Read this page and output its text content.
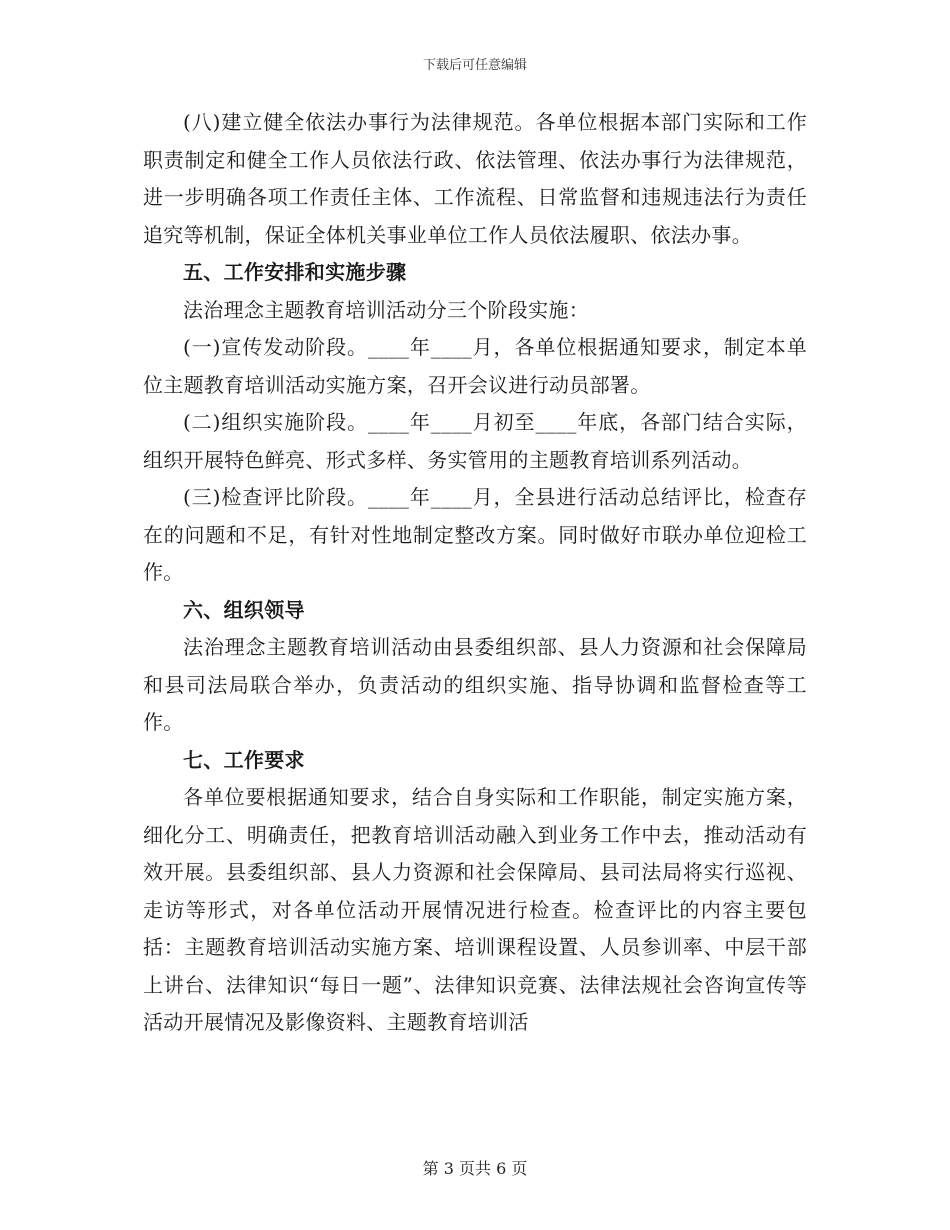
下载后可任意编辑

(八)建立健全依法办事行为法律规范。各单位根据本部门实际和工作职责制定和健全工作人员依法行政、依法管理、依法办事行为法律规范，进一步明确各项工作责任主体、工作流程、日常监督和违规违法行为责任追究等机制，保证全体机关事业单位工作人员依法履职、依法办事。

五、工作安排和实施步骤

法治理念主题教育培训活动分三个阶段实施：

(一)宣传发动阶段。____年____月，各单位根据通知要求，制定本单位主题教育培训活动实施方案，召开会议进行动员部署。

(二)组织实施阶段。____年____月初至____年底，各部门结合实际，组织开展特色鲜亮、形式多样、务实管用的主题教育培训系列活动。

(三)检查评比阶段。____年____月，全县进行活动总结评比，检查存在的问题和不足，有针对性地制定整改方案。同时做好市联办单位迎检工作。

六、组织领导

法治理念主题教育培训活动由县委组织部、县人力资源和社会保障局和县司法局联合举办，负责活动的组织实施、指导协调和监督检查等工作。

七、工作要求

各单位要根据通知要求，结合自身实际和工作职能，制定实施方案，细化分工、明确责任，把教育培训活动融入到业务工作中去，推动活动有效开展。县委组织部、县人力资源和社会保障局、县司法局将实行巡视、走访等形式，对各单位活动开展情况进行检查。检查评比的内容主要包括：主题教育培训活动实施方案、培训课程设置、人员参训率、中层干部上讲台、法律知识“每日一题”、法律知识竞赛、法律法规社会咨询宣传等活动开展情况及影像资料、主题教育培训活

第 3 页共 6 页
